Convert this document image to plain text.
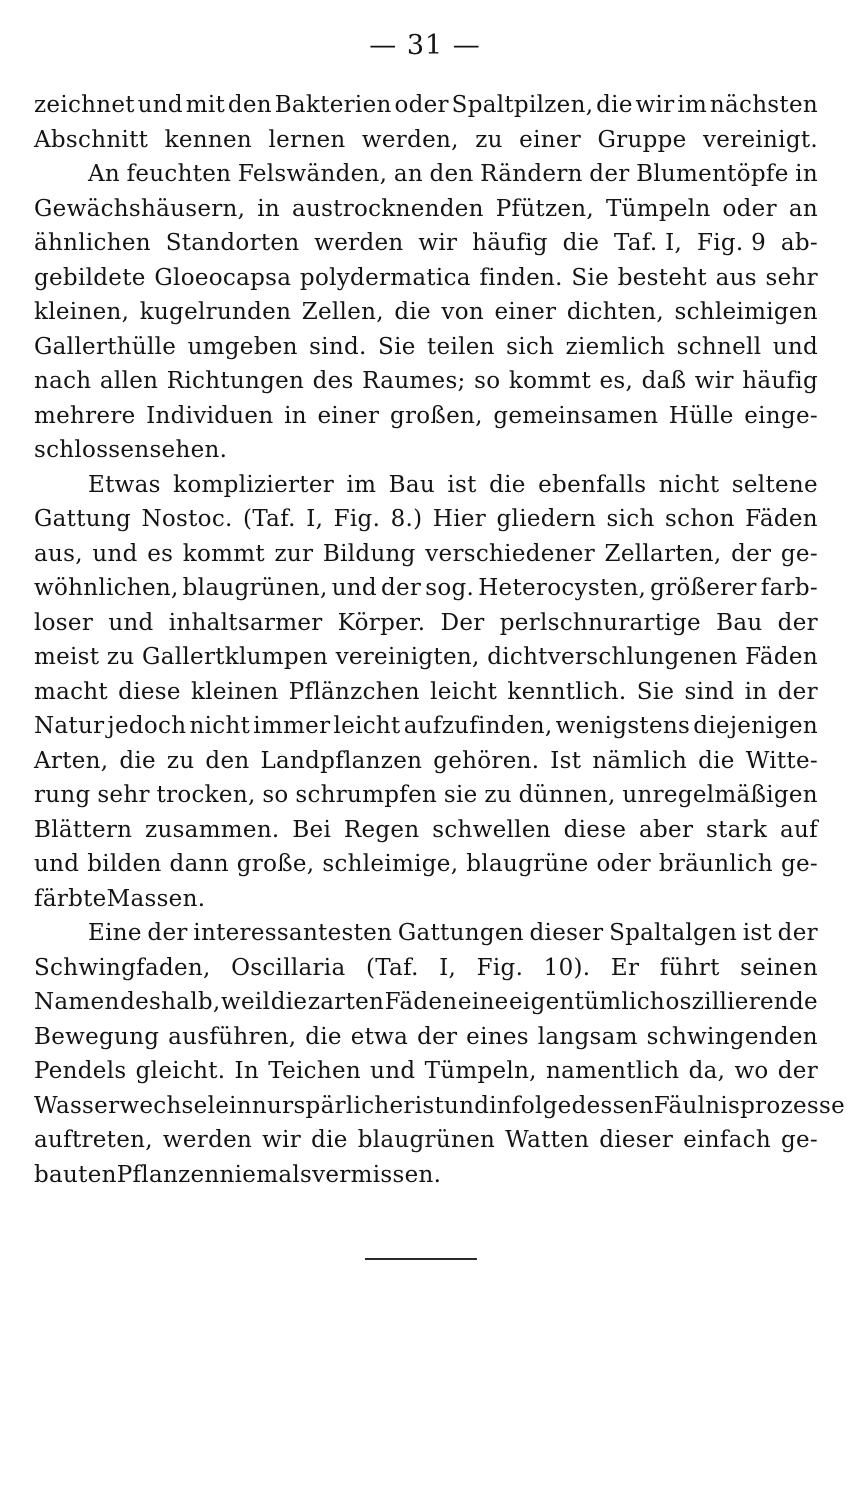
— 31 —
zeichnet und mit den Bakterien oder Spaltpilzen, die wir im nächsten
Abschnitt kennen lernen werden, zu einer Gruppe vereinigt.
An feuchten Felswänden, an den Rändern der Blumentöpfe in
Gewächshäusern, in austrocknenden Pfützen, Tümpeln oder an
ähnlichen Standorten werden wir häufig die Taf. I, Fig. 9 ab-
gebildete Gloeocapsa polydermatica finden. Sie besteht aus sehr
kleinen, kugelrunden Zellen, die von einer dichten, schleimigen
Gallerthülle umgeben sind. Sie teilen sich ziemlich schnell und
nach allen Richtungen des Raumes; so kommt es, daß wir häufig
mehrere Individuen in einer großen, gemeinsamen Hülle einge-
schlossen sehen.
Etwas komplizierter im Bau ist die ebenfalls nicht seltene
Gattung Nostoc. (Taf. I, Fig. 8.) Hier gliedern sich schon Fäden
aus, und es kommt zur Bildung verschiedener Zellarten, der ge-
wöhnlichen, blaugrünen, und der sog. Heterocysten, größerer farb-
loser und inhaltsarmer Körper. Der perlschnurartige Bau der
meist zu Gallertklumpen vereinigten, dichtverschlungenen Fäden
macht diese kleinen Pflänzchen leicht kenntlich. Sie sind in der
Natur jedoch nicht immer leicht aufzufinden, wenigstens diejenigen
Arten, die zu den Landpflanzen gehören. Ist nämlich die Witte-
rung sehr trocken, so schrumpfen sie zu dünnen, unregelmäßigen
Blättern zusammen. Bei Regen schwellen diese aber stark auf
und bilden dann große, schleimige, blaugrüne oder bräunlich ge-
färbte Massen.
Eine der interessantesten Gattungen dieser Spaltalgen ist der
Schwingfaden, Oscillaria (Taf. I, Fig. 10). Er führt seinen
Namen deshalb, weil die zarten Fäden eine eigentümlich oszillierende
Bewegung ausführen, die etwa der eines langsam schwingenden
Pendels gleicht. In Teichen und Tümpeln, namentlich da, wo der
Wasserwechsel ein nur spärlicher ist und infolgedessen Fäulnisprozesse
auftreten, werden wir die blaugrünen Watten dieser einfach ge-
bauten Pflanzen niemals vermissen.
